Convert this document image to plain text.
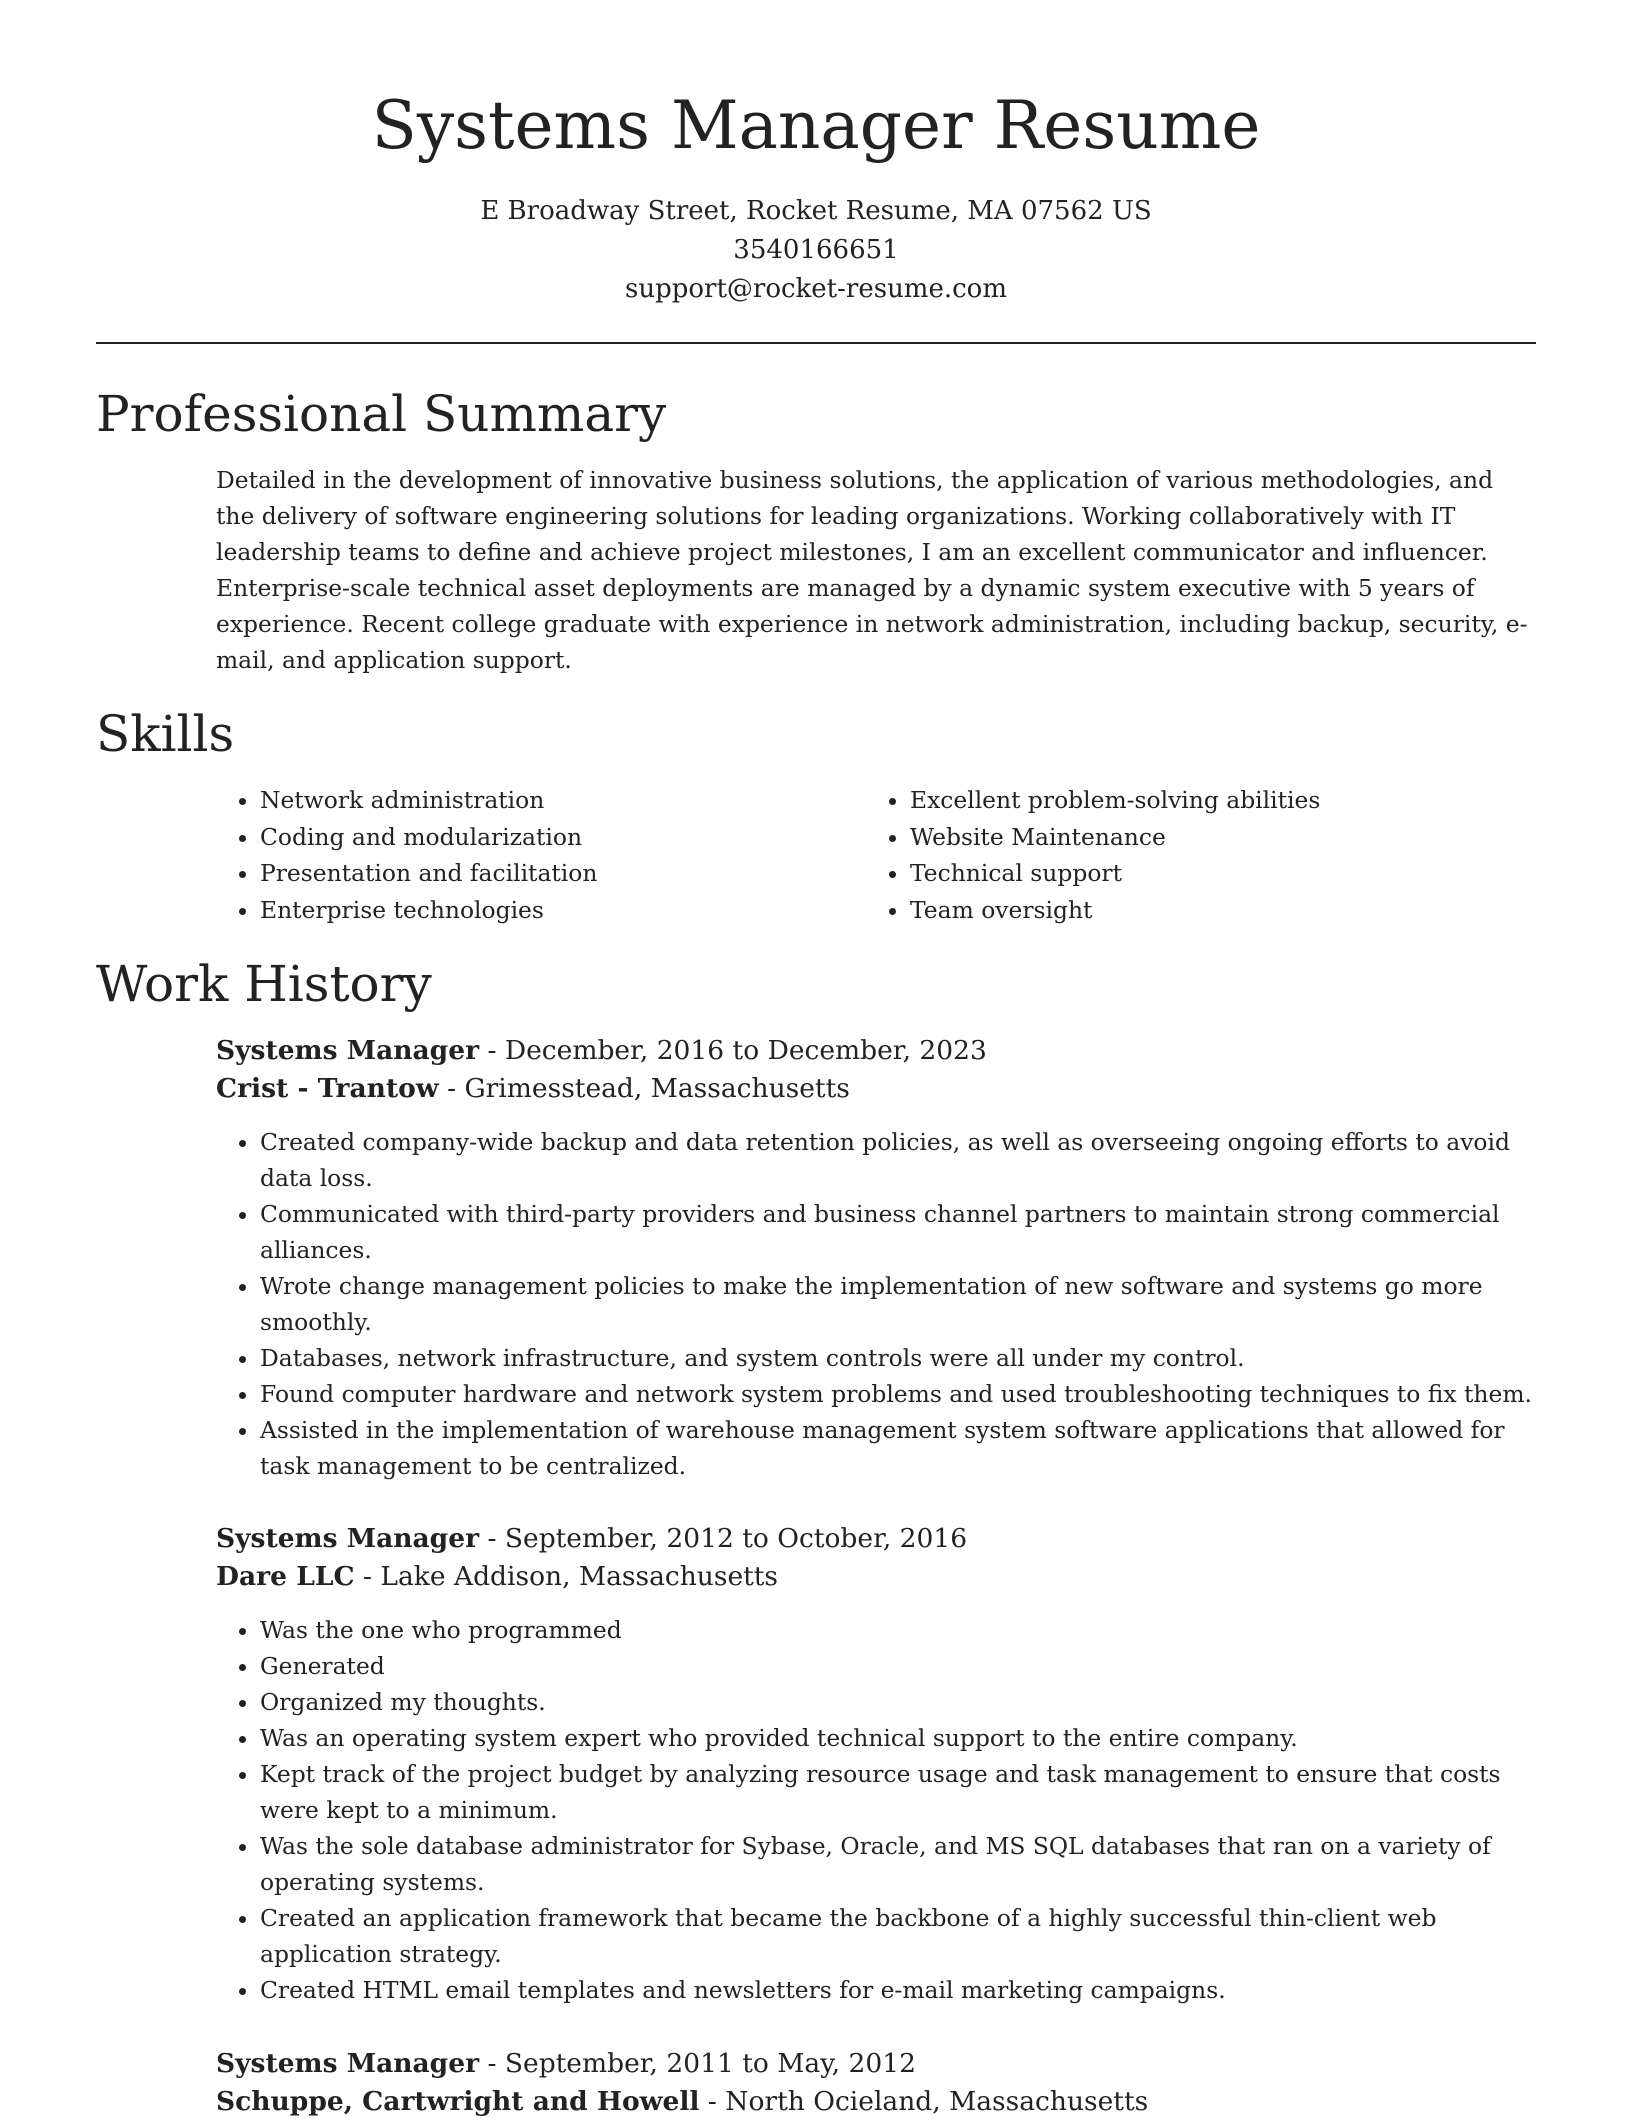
Systems Manager Resume
E Broadway Street, Rocket Resume, MA 07562 US
3540166651
support@rocket-resume.com
Professional Summary

Detailed in the development of innovative business solutions, the application of various methodologies, and the delivery of software engineering solutions for leading organizations. Working collaboratively with IT leadership teams to define and achieve project milestones, I am an excellent communicator and influencer. Enterprise-scale technical asset deployments are managed by a dynamic system executive with 5 years of experience. Recent college graduate with experience in network administration, including backup, security, e-mail, and application support.

Skills
• Network administration
• Coding and modularization
• Presentation and facilitation
• Enterprise technologies
• Excellent problem-solving abilities
• Website Maintenance
• Technical support
• Team oversight
Work History
Systems Manager - December, 2016 to December, 2023
Crist - Trantow - Grimesstead, Massachusetts
• Created company-wide backup and data retention policies, as well as overseeing ongoing efforts to avoid data loss.
• Communicated with third-party providers and business channel partners to maintain strong commercial alliances.
• Wrote change management policies to make the implementation of new software and systems go more smoothly.
• Databases, network infrastructure, and system controls were all under my control.
• Found computer hardware and network system problems and used troubleshooting techniques to fix them.
• Assisted in the implementation of warehouse management system software applications that allowed for task management to be centralized.
Systems Manager - September, 2012 to October, 2016
Dare LLC - Lake Addison, Massachusetts
• Was the one who programmed
• Generated
• Organized my thoughts.
• Was an operating system expert who provided technical support to the entire company.
• Kept track of the project budget by analyzing resource usage and task management to ensure that costs were kept to a minimum.
• Was the sole database administrator for Sybase, Oracle, and MS SQL databases that ran on a variety of operating systems.
• Created an application framework that became the backbone of a highly successful thin-client web application strategy.
• Created HTML email templates and newsletters for e-mail marketing campaigns.
Systems Manager - September, 2011 to May, 2012
Schuppe, Cartwright and Howell - North Ocieland, Massachusetts
